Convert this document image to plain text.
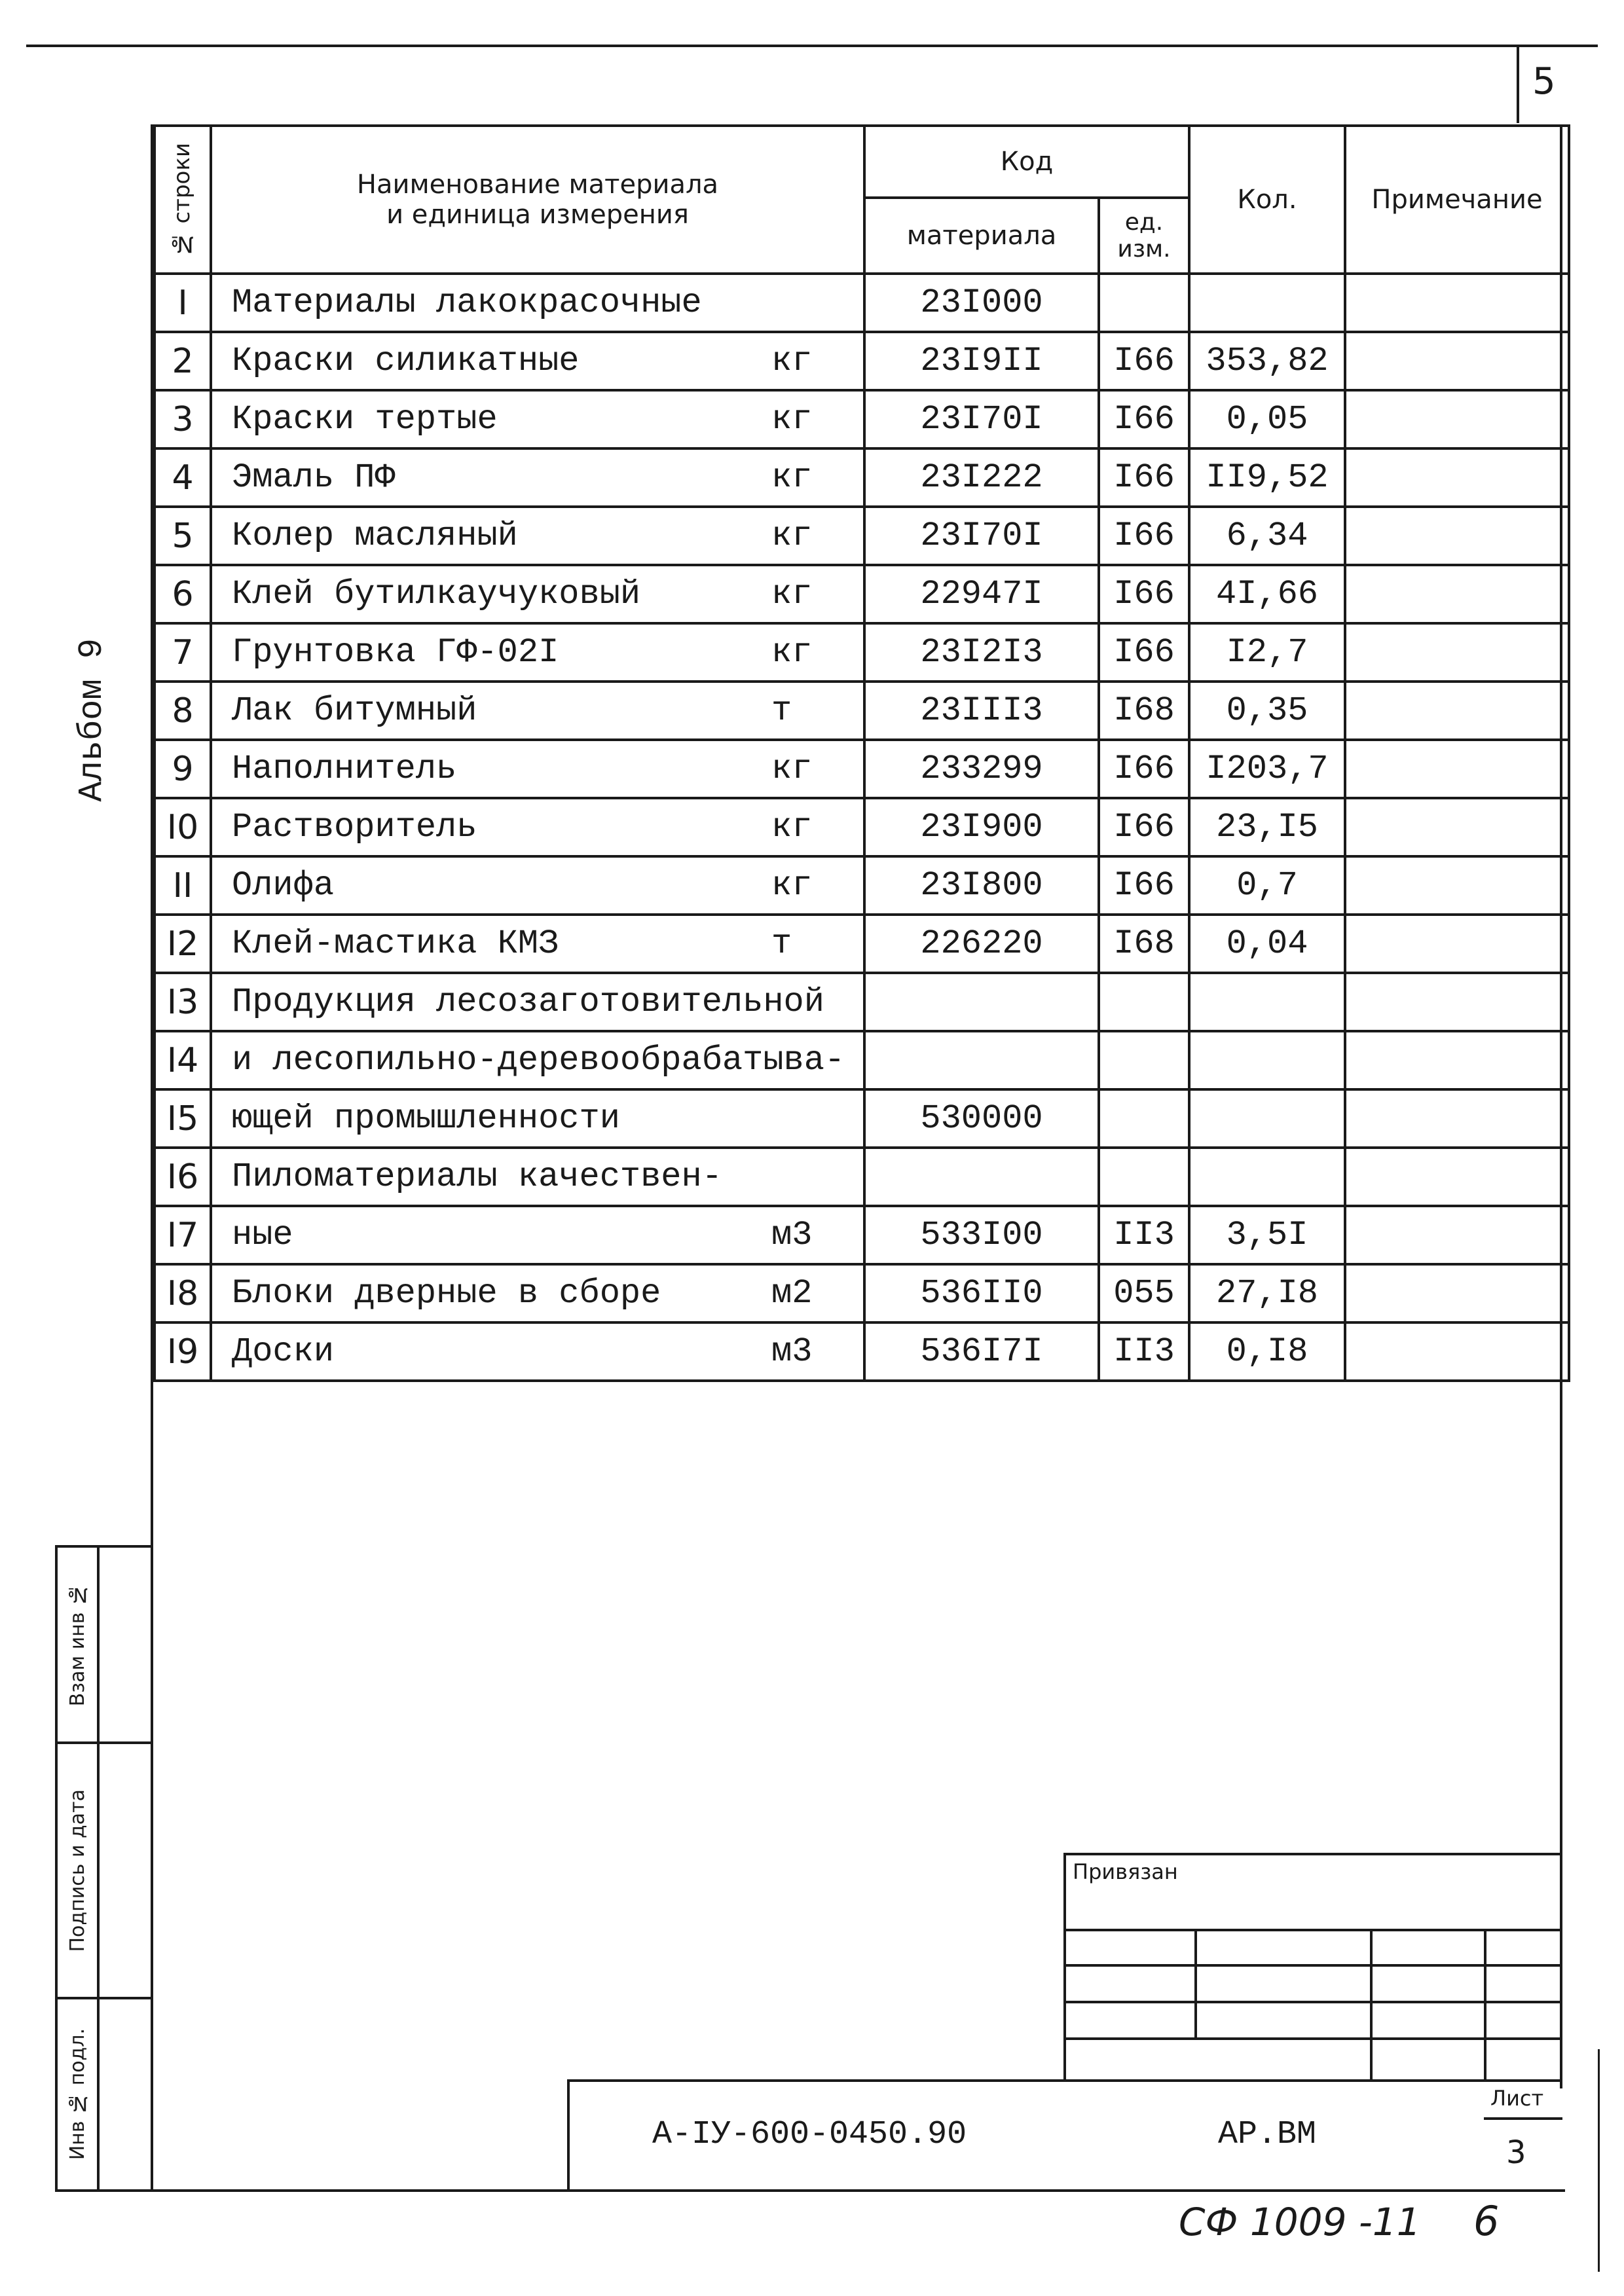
5
Альбом 9
№ строки	Наименование материала
и единица измерения	Код		Кол.	Примечание
		материала	ед.
изм.		
I	Материалы лакокрасочные	23I000			
2	Краски силикатные кг	23I9II	I66	353,82	
3	Краски тертые кг	23I70I	I66	0,05	
4	Эмаль ПФ кг	23I222	I66	II9,52	
5	Колер масляный кг	23I70I	I66	6,34	
6	Клей бутилкаучуковый кг	22947I	I66	4I,66	
7	Грунтовка ГФ-02I кг	23I2I3	I66	I2,7	
8	Лак битумный т	23III3	I68	0,35	
9	Наполнитель кг	233299	I66	I203,7	
I0	Растворитель кг	23I900	I66	23,I5	
II	Олифа кг	23I800	I66	0,7	
I2	Клей-мастика КМЗ т	226220	I68	0,04	
I3	Продукция лесозаготовительной				

I4	и лесопильно-деревообрабатыва-				

I5	ющей промышленности	530000			
I6	Пиломатериалы качествен-				

I7	ные м3	533I00	II3	3,5I	
I8	Блоки дверные в сборе м2	536II0	055	27,I8	
I9	Доски м3	536I7I	II3	0,I8	
Взам инв №
Подпись и дата
Инв № подл.
Привязан
А-IУ-600-0450.90	АР.ВМ
Лист
3
СФ 1009 -11 6
